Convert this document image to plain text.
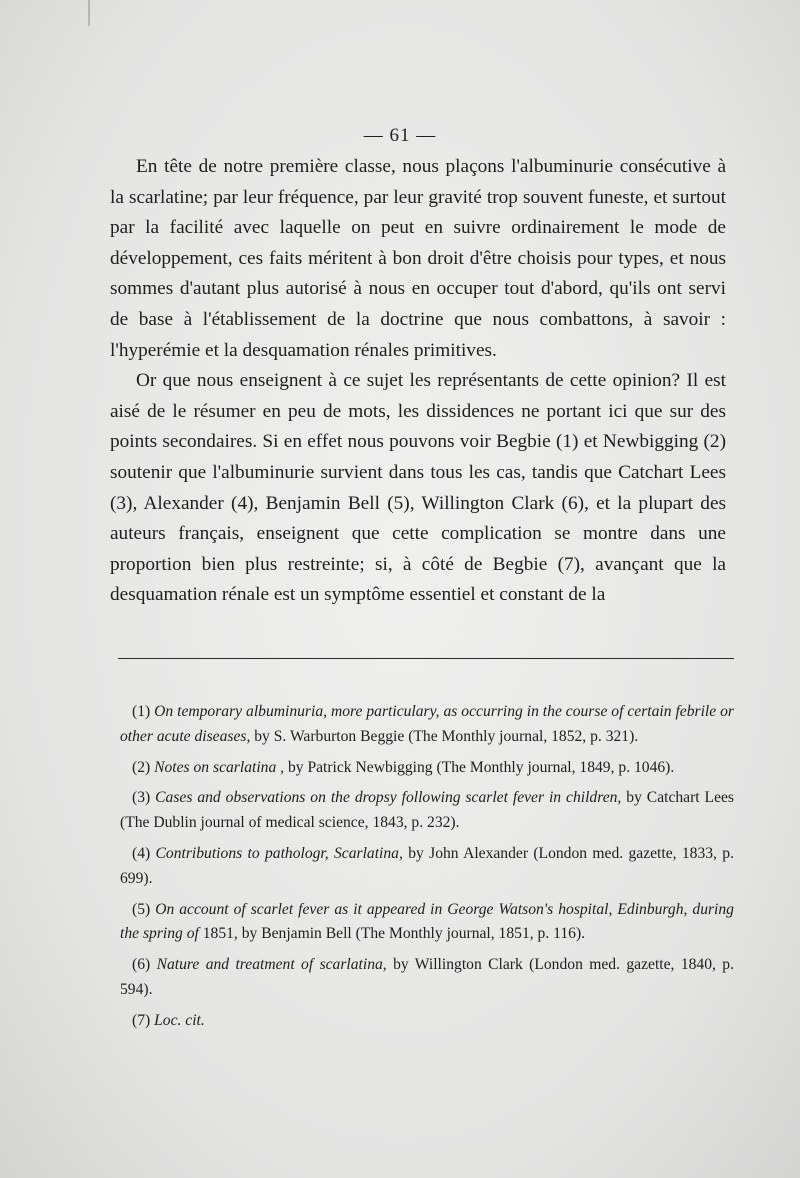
— 61 —

En tête de notre première classe, nous plaçons l'albuminurie consécutive à la scarlatine; par leur fréquence, par leur gravité trop souvent funeste, et surtout par la facilité avec laquelle on peut en suivre ordinairement le mode de développement, ces faits méritent à bon droit d'être choisis pour types, et nous sommes d'autant plus autorisé à nous en occuper tout d'abord, qu'ils ont servi de base à l'établissement de la doctrine que nous combattons, à savoir : l'hyperémie et la desquamation rénales primitives.

Or que nous enseignent à ce sujet les représentants de cette opinion? Il est aisé de le résumer en peu de mots, les dissidences ne portant ici que sur des points secondaires. Si en effet nous pouvons voir Begbie (1) et Newbigging (2) soutenir que l'albuminurie survient dans tous les cas, tandis que Catchart Lees (3), Alexander (4), Benjamin Bell (5), Willington Clark (6), et la plupart des auteurs français, enseignent que cette complication se montre dans une proportion bien plus restreinte; si, à côté de Begbie (7), avançant que la desquamation rénale est un symptôme essentiel et constant de la

(1) On temporary albuminuria, more particulary, as occurring in the course of certain febrile or other acute diseases, by S. Warburton Beggie (The Monthly journal, 1852, p. 321).

(2) Notes on scarlatina , by Patrick Newbigging (The Monthly journal, 1849, p. 1046).

(3) Cases and observations on the dropsy following scarlet fever in children, by Catchart Lees (The Dublin journal of medical science, 1843, p. 232).

(4) Contributions to pathologr, Scarlatina, by John Alexander (London med. gazette, 1833, p. 699).

(5) On account of scarlet fever as it appeared in George Watson's hospital, Edinburgh, during the spring of 1851, by Benjamin Bell (The Monthly journal, 1851, p. 116).

(6) Nature and treatment of scarlatina, by Willington Clark (London med. gazette, 1840, p. 594).

(7) Loc. cit.
